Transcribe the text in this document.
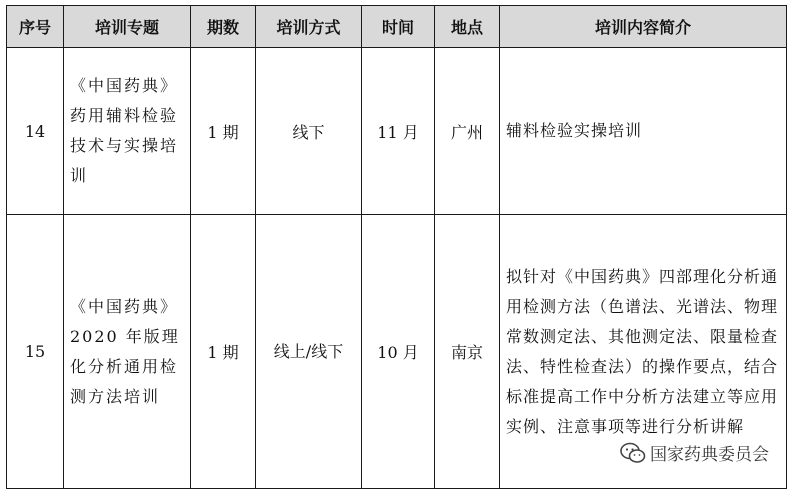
序号	培训专题	期数	培训方式	时间	地点	培训内容简介
14	《中国药典》药用辅料检验技术与实操培训	1 期	线下	11 月	广州	辅料检验实操培训
15	《中国药典》2020 年版理化分析通用检测方法培训	1 期	线上/线下	10 月	南京	拟针对《中国药典》四部理化分析通用检测方法（色谱法、光谱法、物理常数测定法、其他测定法、限量检查法、特性检查法）的操作要点，结合标准提高工作中分析方法建立等应用实例、注意事项等进行分析讲解
国家药典委员会
